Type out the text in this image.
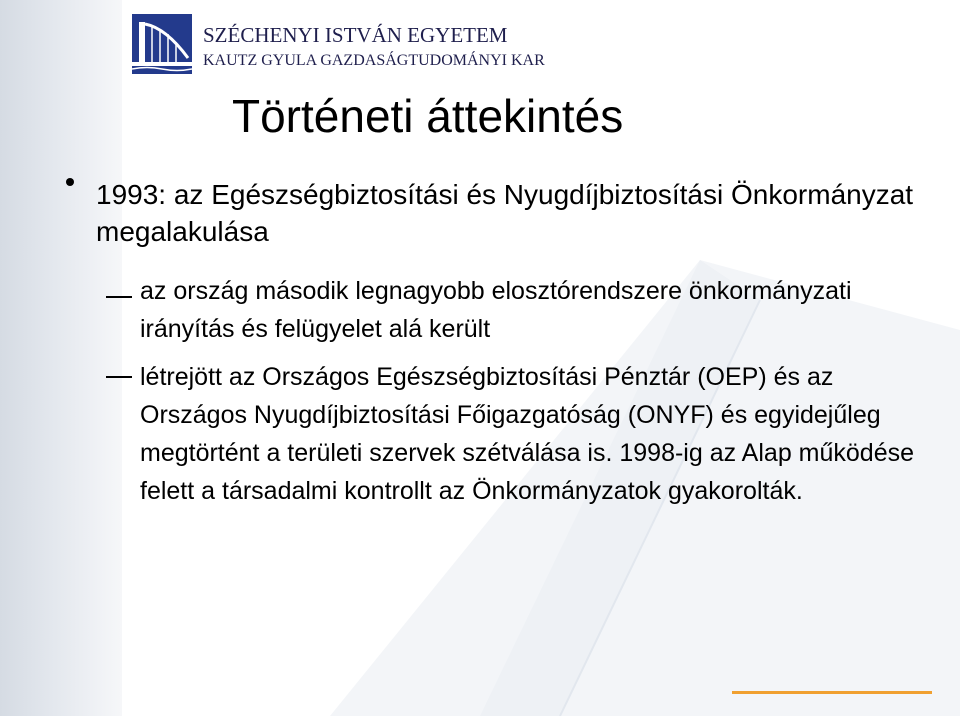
SZÉCHENYI ISTVÁN EGYETEM
KAUTZ GYULA GAZDASÁGTUDOMÁNYI KAR
Történeti áttekintés
1993: az Egészségbiztosítási és Nyugdíjbiztosítási Önkormányzat megalakulása
az ország második legnagyobb elosztórendszere önkormányzati irányítás és felügyelet alá került
létrejött az Országos Egészségbiztosítási Pénztár (OEP) és az Országos Nyugdíjbiztosítási Főigazgatóság (ONYF) és egyidejűleg megtörtént a területi szervek szétválása is. 1998-ig az Alap működése felett a társadalmi kontrollt az Önkormányzatok gyakorolták.
